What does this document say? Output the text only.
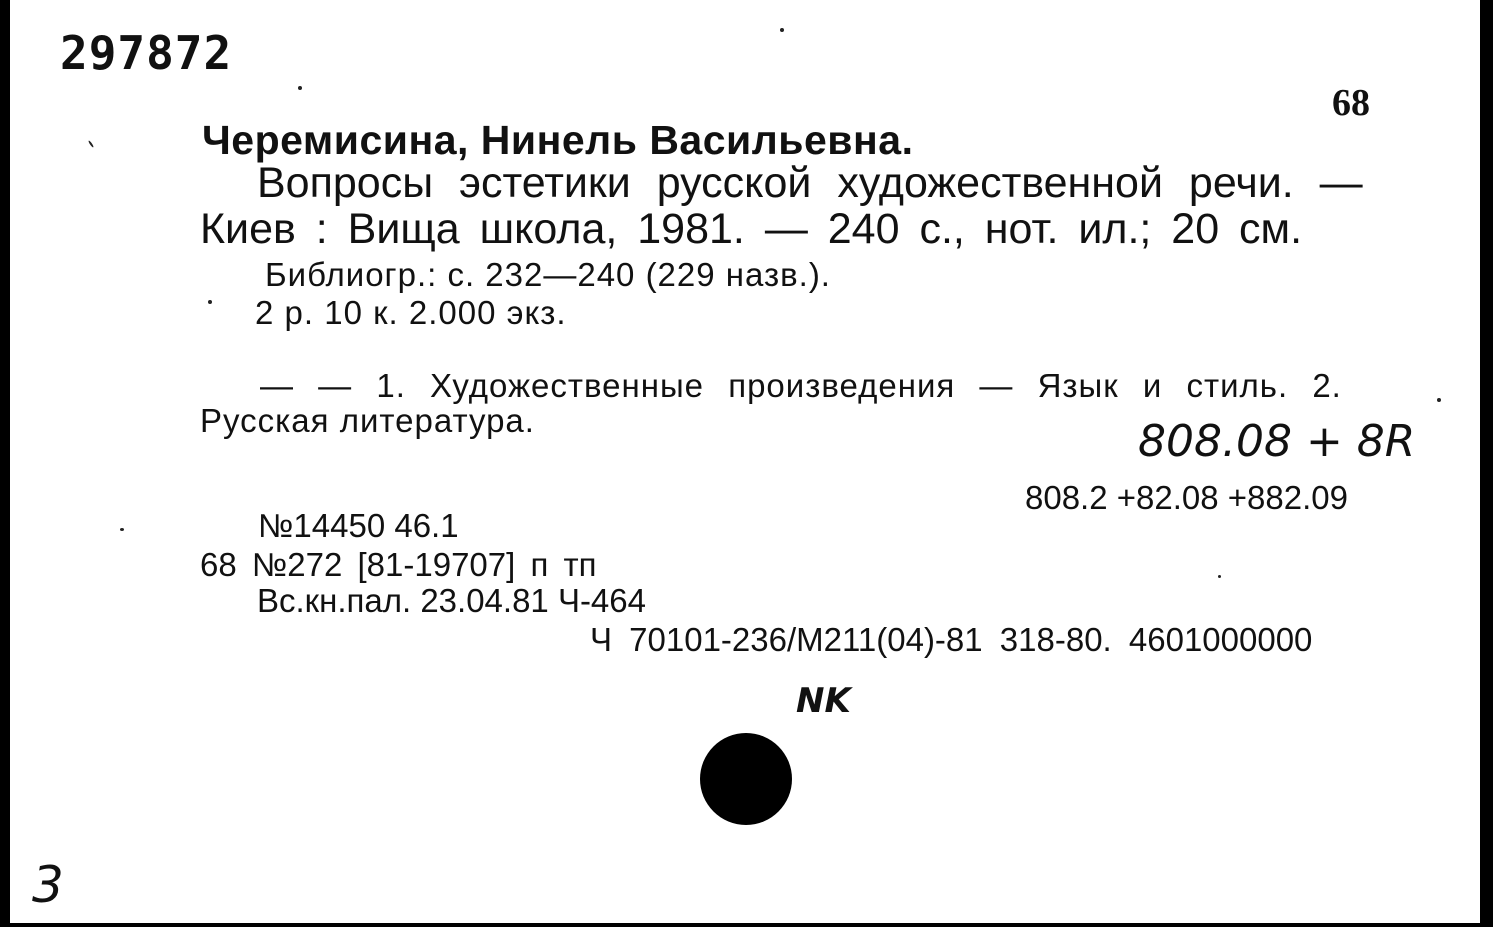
297872
68
Черемисина, Нинель Васильевна.
Вопросы эстетики русской художественной речи. —
Киев : Вища школа, 1981. — 240 с., нот. ил.; 20 см.
Библиогр.: с. 232—240 (229 назв.).
2 р. 10 к. 2.000 экз.
— — 1. Художественные произведения — Язык и стиль. 2.
Русская литература.	808.08 + 8R
808.2 +82.08 +882.09
№14450 46.1
68 №272 [81-19707] п тп
Вс.кн.пал. 23.04.81 Ч-464
Ч 70101-236/М211(04)-81 318-80. 4601000000
NK
3
